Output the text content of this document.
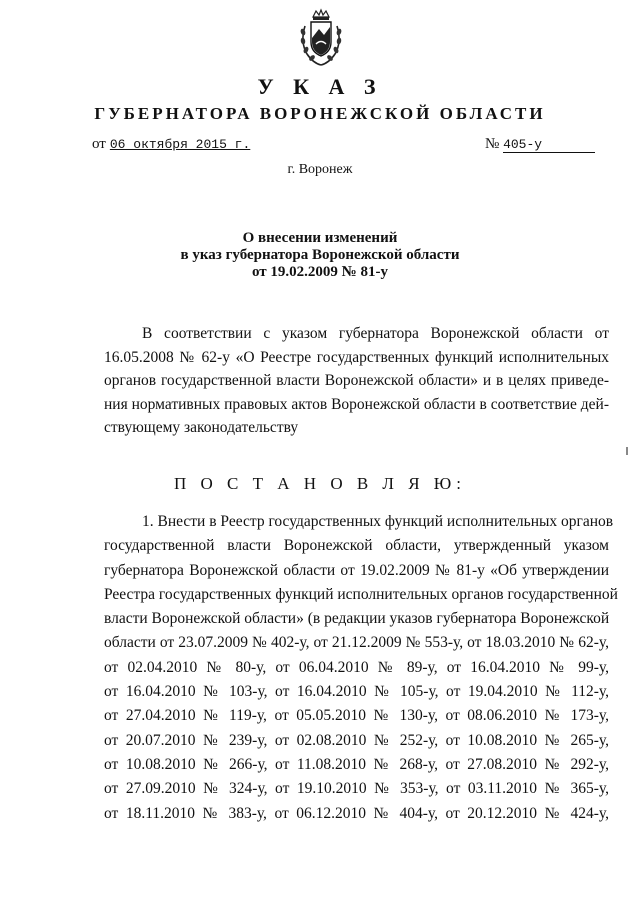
У К А З
ГУБЕРНАТОРА ВОРОНЕЖСКОЙ ОБЛАСТИ
от 06 октября 2015 г.	№ 405-у
г. Воронеж
О внесении изменений
в указ губернатора Воронежской области
от 19.02.2009 № 81-у
В соответствии с указом губернатора Воронежской области от
16.05.2008 № 62-у «О Реестре государственных функций исполнительных
органов государственной власти Воронежской области» и в целях приведе-
ния нормативных правовых актов Воронежской области в соответствие дей-
ствующему законодательству
П О С Т А Н О В Л Я Ю:
1. Внести в Реестр государственных функций исполнительных органов
государственной власти Воронежской области, утвержденный указом
губернатора Воронежской области от 19.02.2009 № 81-у «Об утверждении
Реестра государственных функций исполнительных органов государственной
власти Воронежской области» (в редакции указов губернатора Воронежской
области от 23.07.2009 № 402-у, от 21.12.2009 № 553-у, от 18.03.2010 № 62-у,
от 02.04.2010 № 80-у, от 06.04.2010 № 89-у, от 16.04.2010 № 99-у,
от 16.04.2010 № 103-у, от 16.04.2010 № 105-у, от 19.04.2010 № 112-у,
от 27.04.2010 № 119-у, от 05.05.2010 № 130-у, от 08.06.2010 № 173-у,
от 20.07.2010 № 239-у, от 02.08.2010 № 252-у, от 10.08.2010 № 265-у,
от 10.08.2010 № 266-у, от 11.08.2010 № 268-у, от 27.08.2010 № 292-у,
от 27.09.2010 № 324-у, от 19.10.2010 № 353-у, от 03.11.2010 № 365-у,
от 18.11.2010 № 383-у, от 06.12.2010 № 404-у, от 20.12.2010 № 424-у,
